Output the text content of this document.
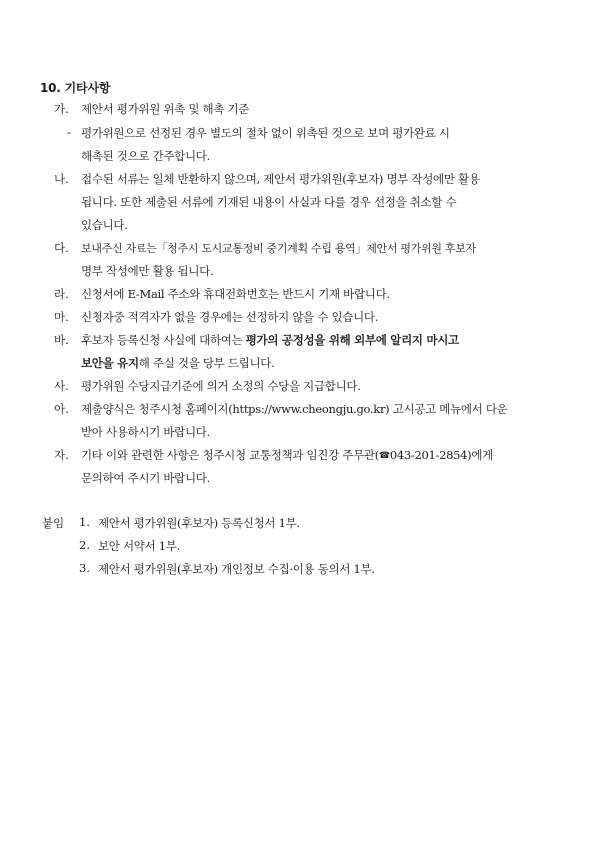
10. 기타사항
가. 제안서 평가위원 위촉 및 해촉 기준
- 평가위원으로 선정된 경우 별도의 절차 없이 위촉된 것으로 보며 평가완료 시
해촉된 것으로 간주합니다.
나. 접수된 서류는 일체 반환하지 않으며, 제안서 평가위원(후보자) 명부 작성에만 활용
됩니다. 또한 제출된 서류에 기재된 내용이 사실과 다를 경우 선정을 취소할 수
있습니다.
다. 보내주신 자료는「청주시 도시교통정비 중기계획 수립 용역」제안서 평가위원 후보자
명부 작성에만 활용 됩니다.
라. 신청서에 E-Mail 주소와 휴대전화번호는 반드시 기재 바랍니다.
마. 신청자중 적격자가 없을 경우에는 선정하지 않을 수 있습니다.
바. 후보자 등록신청 사실에 대하여는 평가의 공정성을 위해 외부에 알리지 마시고
보안을 유지해 주실 것을 당부 드립니다.
사. 평가위원 수당지급기준에 의거 소정의 수당을 지급합니다.
아. 제출양식은 청주시청 홈페이지(https://www.cheongju.go.kr) 고시공고 메뉴에서 다운
받아 사용하시기 바랍니다.
자. 기타 이와 관련한 사항은 청주시청 교통정책과 임진강 주무관(☎043-201-2854)에게
문의하여 주시기 바랍니다.
붙임 1. 제안서 평가위원(후보자) 등록신청서 1부.
2. 보안 서약서 1부.
3. 제안서 평가위원(후보자) 개인정보 수집·이용 동의서 1부.
